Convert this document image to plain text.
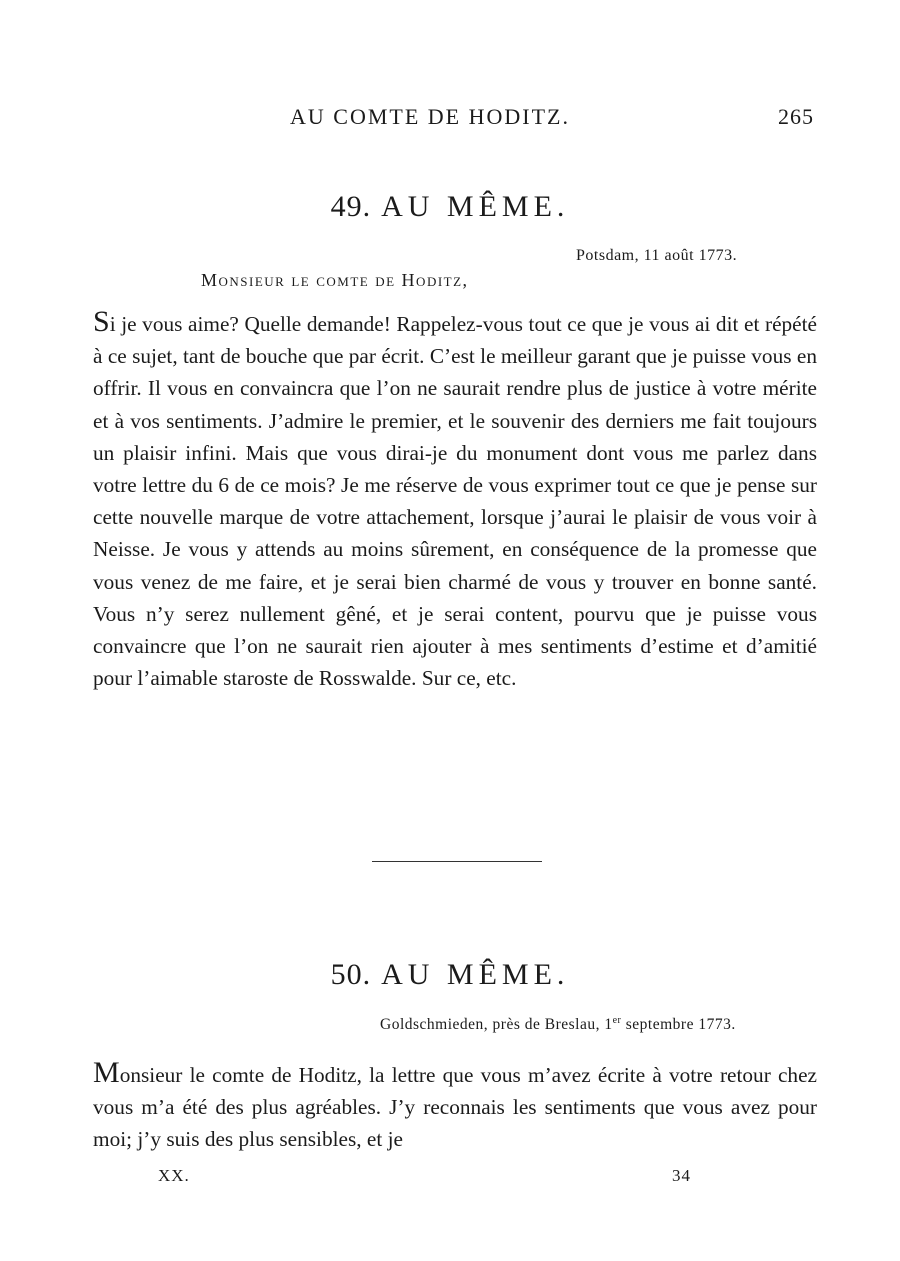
AU COMTE DE HODITZ.	265
49. AU MÊME.
Potsdam, 11 août 1773.
Monsieur le comte de Hoditz,
Si je vous aime? Quelle demande! Rappelez-vous tout ce que je vous ai dit et répété à ce sujet, tant de bouche que par écrit. C’est le meilleur garant que je puisse vous en offrir. Il vous en convaincra que l’on ne saurait rendre plus de justice à votre mérite et à vos sentiments. J’admire le premier, et le souvenir des derniers me fait toujours un plaisir infini. Mais que vous dirai-je du monument dont vous me parlez dans votre lettre du 6 de ce mois? Je me réserve de vous exprimer tout ce que je pense sur cette nouvelle marque de votre attachement, lorsque j’aurai le plaisir de vous voir à Neisse. Je vous y attends au moins sûrement, en conséquence de la promesse que vous venez de me faire, et je serai bien charmé de vous y trouver en bonne santé. Vous n’y serez nullement gêné, et je serai content, pourvu que je puisse vous convaincre que l’on ne saurait rien ajouter à mes sentiments d’estime et d’amitié pour l’aimable staroste de Rosswalde. Sur ce, etc.
50. AU MÊME.
Goldschmieden, près de Breslau, 1er septembre 1773.
Monsieur le comte de Hoditz, la lettre que vous m’avez écrite à votre retour chez vous m’a été des plus agréables. J’y reconnais les sentiments que vous avez pour moi; j’y suis des plus sensibles, et je
XX.	34
